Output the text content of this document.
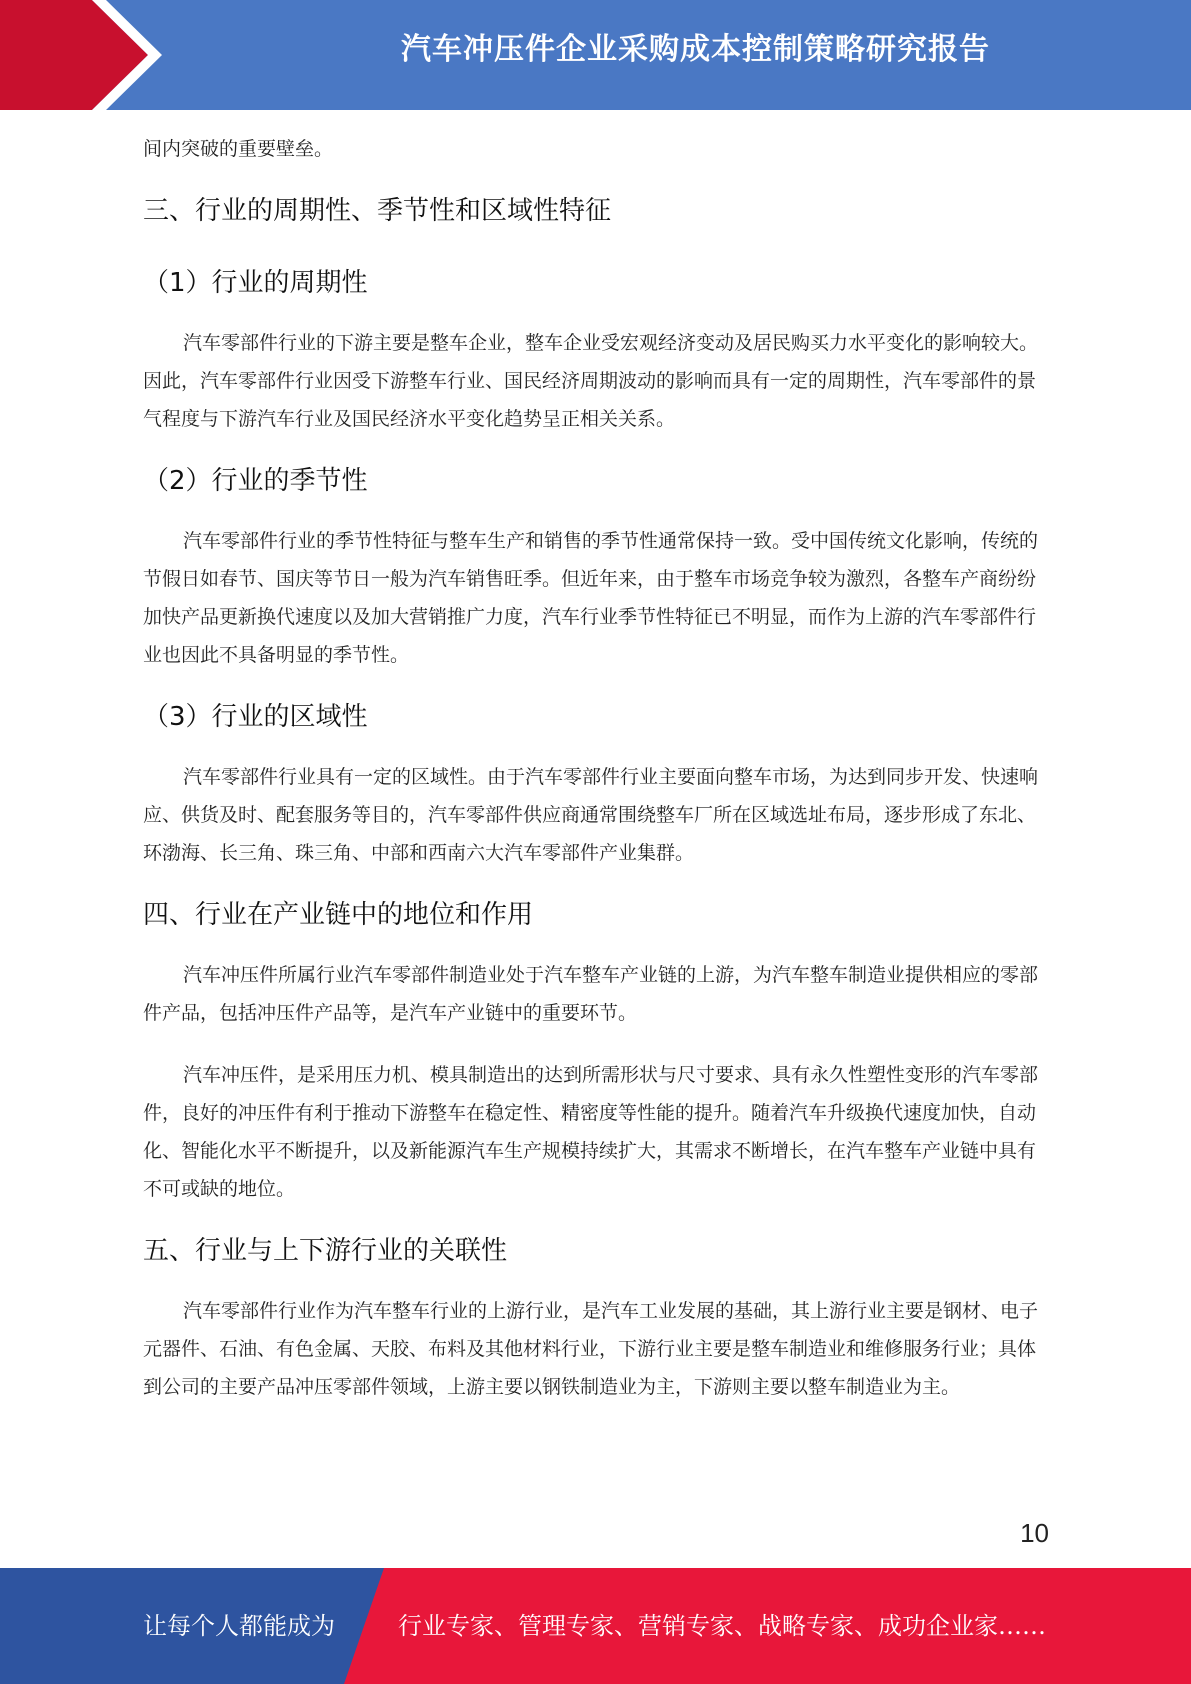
汽车冲压件企业采购成本控制策略研究报告

间内突破的重要壁垒。

三、行业的周期性、季节性和区域性特征
（1）行业的周期性

汽车零部件行业的下游主要是整车企业，整车企业受宏观经济变动及居民购买力水平变化的影响较大。因此，汽车零部件行业因受下游整车行业、国民经济周期波动的影响而具有一定的周期性，汽车零部件的景气程度与下游汽车行业及国民经济水平变化趋势呈正相关关系。

（2）行业的季节性

汽车零部件行业的季节性特征与整车生产和销售的季节性通常保持一致。受中国传统文化影响，传统的节假日如春节、国庆等节日一般为汽车销售旺季。但近年来，由于整车市场竞争较为激烈，各整车产商纷纷加快产品更新换代速度以及加大营销推广力度，汽车行业季节性特征已不明显，而作为上游的汽车零部件行业也因此不具备明显的季节性。

（3）行业的区域性

汽车零部件行业具有一定的区域性。由于汽车零部件行业主要面向整车市场，为达到同步开发、快速响应、供货及时、配套服务等目的，汽车零部件供应商通常围绕整车厂所在区域选址布局，逐步形成了东北、环渤海、长三角、珠三角、中部和西南六大汽车零部件产业集群。

四、行业在产业链中的地位和作用

汽车冲压件所属行业汽车零部件制造业处于汽车整车产业链的上游，为汽车整车制造业提供相应的零部件产品，包括冲压件产品等，是汽车产业链中的重要环节。

汽车冲压件，是采用压力机、模具制造出的达到所需形状与尺寸要求、具有永久性塑性变形的汽车零部件，良好的冲压件有利于推动下游整车在稳定性、精密度等性能的提升。随着汽车升级换代速度加快，自动化、智能化水平不断提升，以及新能源汽车生产规模持续扩大，其需求不断增长，在汽车整车产业链中具有不可或缺的地位。

五、行业与上下游行业的关联性

汽车零部件行业作为汽车整车行业的上游行业，是汽车工业发展的基础，其上游行业主要是钢材、电子元器件、石油、有色金属、天胶、布料及其他材料行业，下游行业主要是整车制造业和维修服务行业；具体到公司的主要产品冲压零部件领域，上游主要以钢铁制造业为主，下游则主要以整车制造业为主。

10
让每个人都能成为	行业专家、管理专家、营销专家、战略专家、成功企业家……
